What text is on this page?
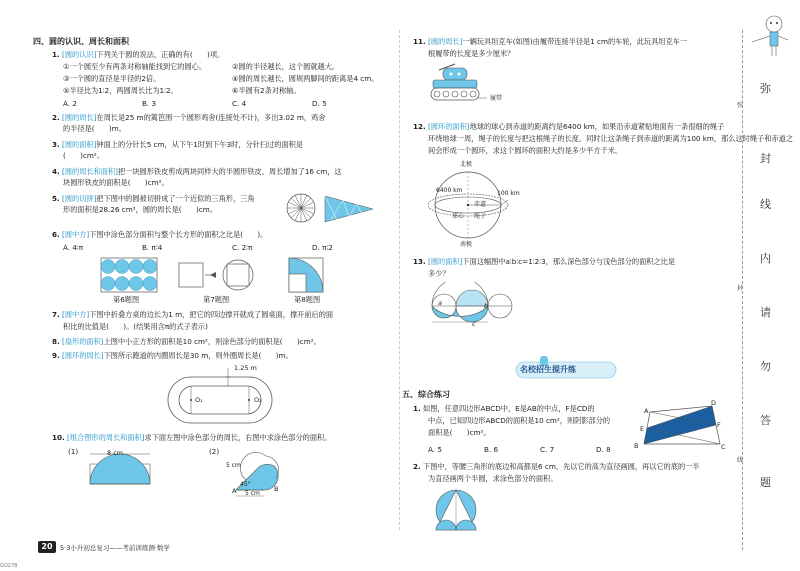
四、圆的认识、周长和面积
1. [圆的认识]下列关于圆的说法，正确的有(　　)项。
①一个圆至少有两条对称轴能找到它的圆心。	②圆的半径越长，这个圆就越大。
③一个圆的直径是半径的2倍。	④圆的周长越长，圆规两脚间的距离是4 cm。
⑤半径比为1∶2，两圆周长比为1∶2。	⑥半圆有2条对称轴。
A. 2	B. 3	C. 4	D. 5
2. [圆的周长]在周长是25 m的篱笆围一个圆形鸡舍(连接处不计)，多出3.02 m，鸡舍
的半径是(　　)m。
3. [圆的面积]钟面上的分针长5 cm，从下午1时到下午3时，分针扫过的面积是
(　　)cm²。
4. [圆的周长和面积]把一块圆形铁皮剪成两块同样大的半圆形铁皮，周长增加了16 cm，这
块圆形铁皮的面积是(　　)cm²。
5. [圆的切拼]把下图中的圆被切拼成了一个近似的三角形，三角
形的面积是28.26 cm²，圆的周长是(　　)cm。
6. [圆中方]下图中涂色部分面积与整个长方形的面积之比是(　　)。
A. 4∶π	B. π∶4	C. 2∶π	D. π∶2
第6题图	第7题图	第8题图
7. [圆中方]下图中折叠方桌的边长为1 m，把它的四边撑开就成了圆桌面，撑开前后的面
积比的比值是(　　)。(结果用含π的式子表示)
8. [扇形的面积]上图中小正方形的面积是10 cm²，则涂色部分的面积是(　　)cm²。
9. [圆环的周长]下图所示跑道的内圈周长是30 m，则外圈周长是(　　)m。
1.25 m
O₁	O₂
10. [组合图形的周长和面积]求下面左图中涂色部分的周长，右图中求涂色部分的面积。
(1)	(2)
8 cm
5 cm
5 cm
45°
A	B
20	5·3小升初总复习——考前训练测·数学
GO27B
11. [圆的周长]一辆玩具坦克车(如图)由履带连接半径是1 cm的车轮，此玩具坦克车一
根履带的长度是多少厘米？
履带
12. [圆环的面积]地球的球心到赤道的距离约是6400 km，如果沿赤道紧贴地面有一条很细的绳子
环绕地球一周，绳子的长度与把这根绳子的长度，同时让这条绳子到赤道的距离为100 km，那么这时绳子和赤道之
间会形成一个圆环，求这个圆环的面积大约是多少平方千米。
北极
南极
6400 km	100 km
赤道
球心 绳子
13. [圆的面积]下面这幅图中a∶b∶c=1∶2∶3，那么深色部分与浅色部分的面积之比是
多少？
a	b
c
名校招生提升练
五、综合练习
1. 如图，任意四边形ABCD中，E是AB的中点，F是CD的
中点，已知四边形ABCD的面积是10 cm²，则阴影部分的
面积是(　　)cm²。
A. 5	B. 6	C. 7	D. 8
A
B	C
D
E	F
2. 下图中，等腰三角形的底边和高都是6 cm，先以它的高为直径画圆，再以它的底的一半
为直径画两个半圆，求涂色部分的面积。
弥
封
线
内
请
勿
答
题
弥
封
线
